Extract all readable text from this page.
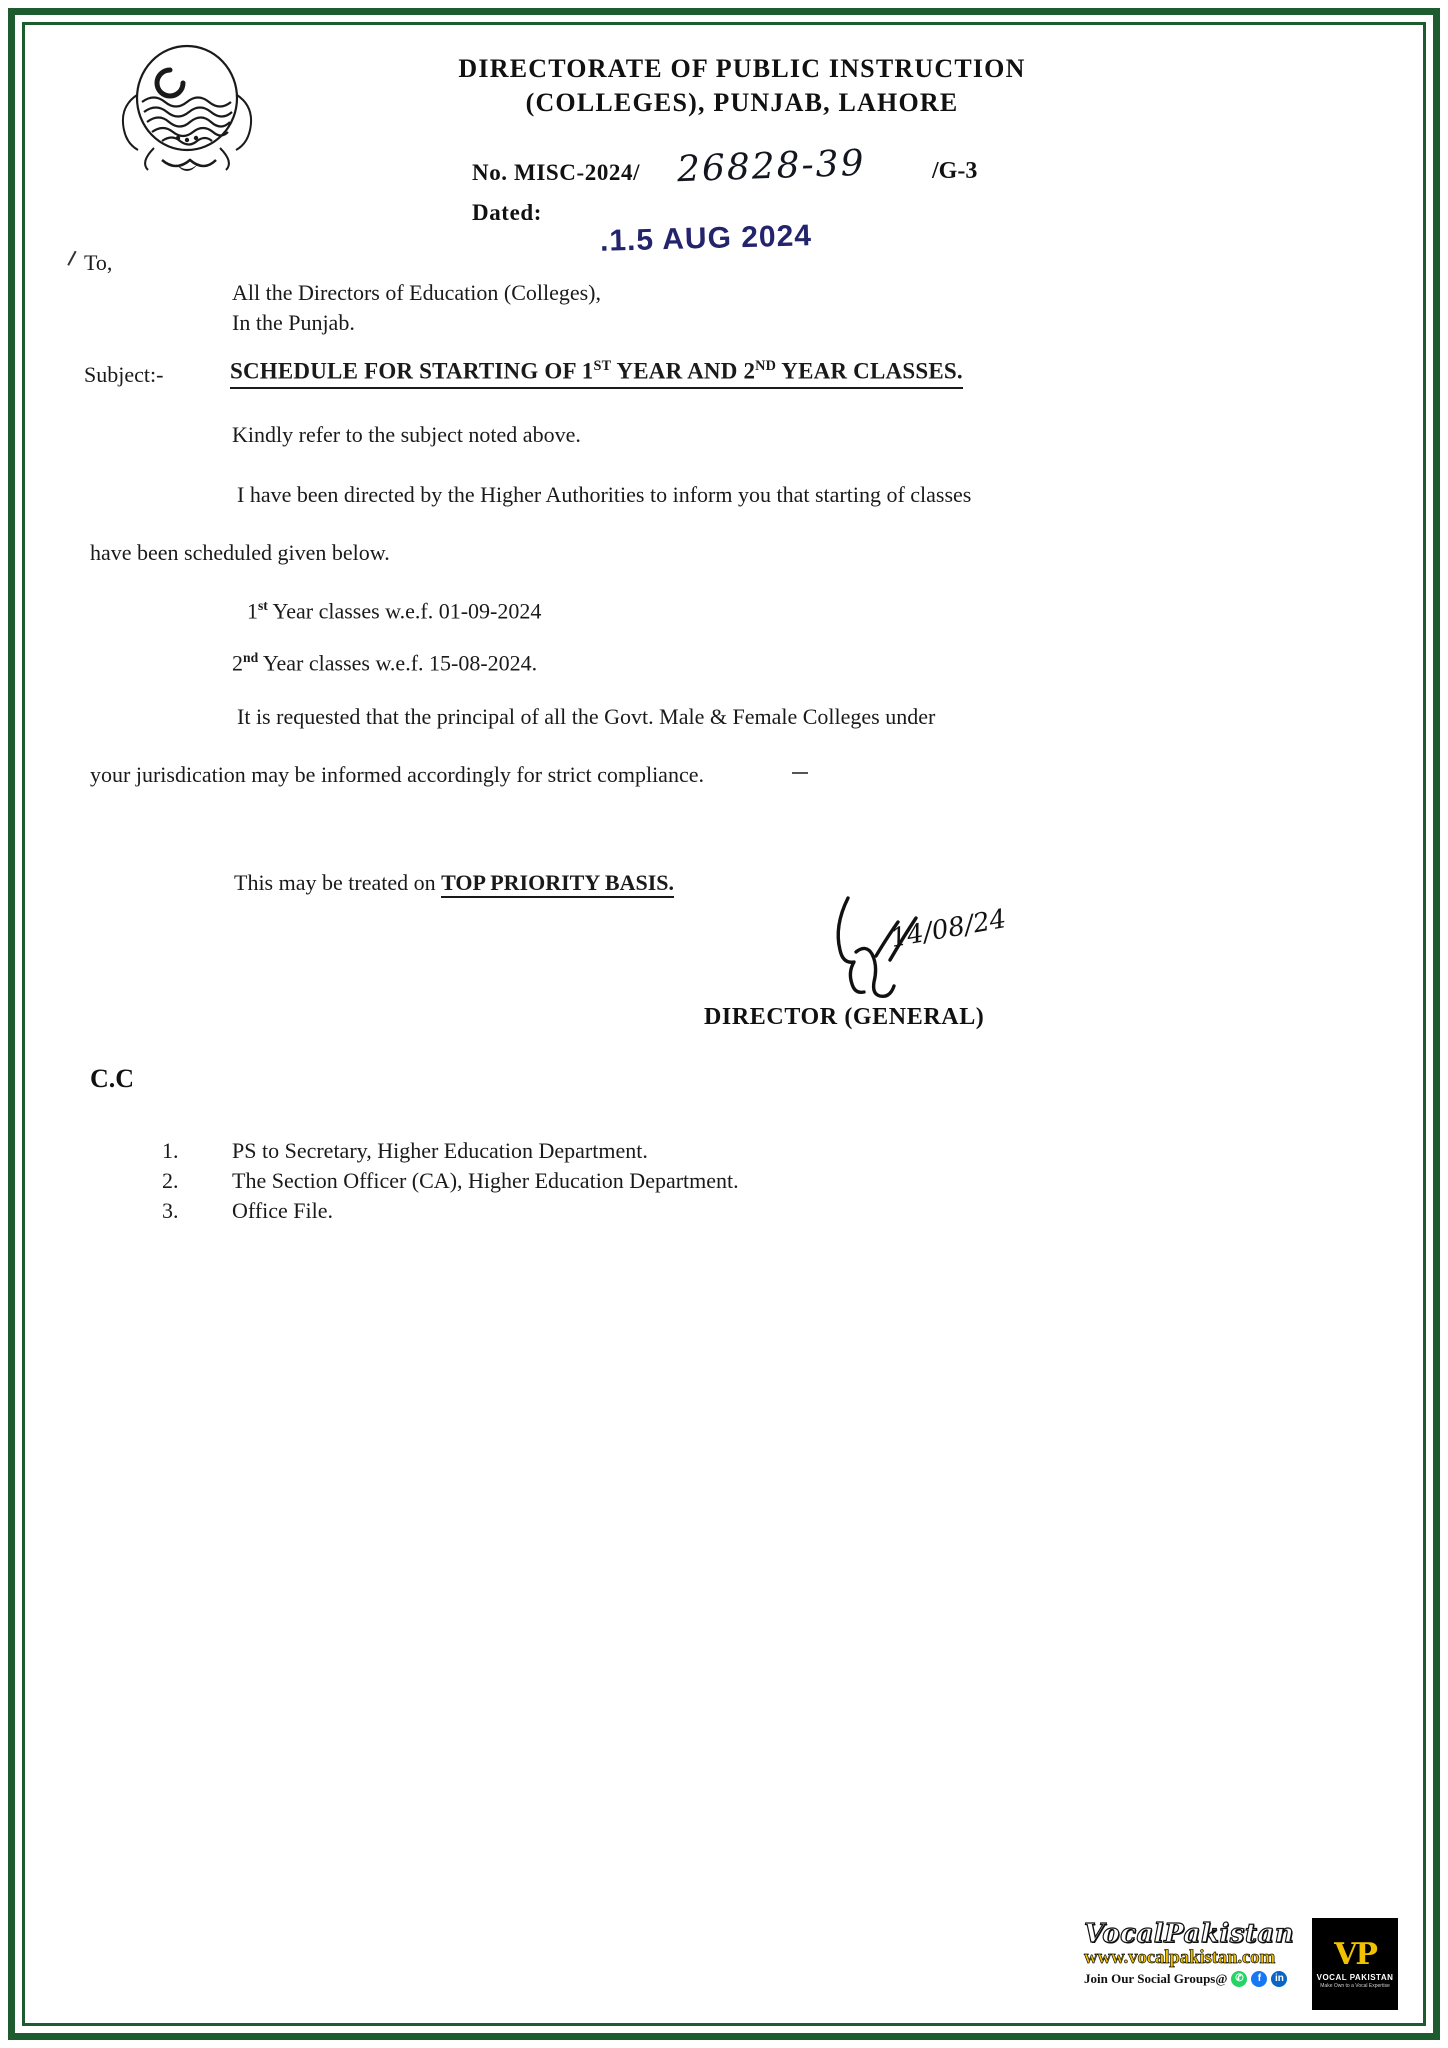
DIRECTORATE OF PUBLIC INSTRUCTION
(COLLEGES), PUNJAB, LAHORE
No. MISC-2024/ 26828-39	/G-3
Dated:
.1.5 AUG 2024
To,
All the Directors of Education (Colleges),
In the Punjab.
Subject:-	SCHEDULE FOR STARTING OF 1ST YEAR AND 2ND YEAR CLASSES.
Kindly refer to the subject noted above.
I have been directed by the Higher Authorities to inform you that starting of classes
have been scheduled given below.
1st Year classes w.e.f. 01-09-2024
2nd Year classes w.e.f. 15-08-2024.
It is requested that the principal of all the Govt. Male & Female Colleges under
your jurisdication may be informed accordingly for strict compliance.
This may be treated on TOP PRIORITY BASIS.
14/08/24
DIRECTOR (GENERAL)
C.C
1.	PS to Secretary, Higher Education Department.
2.	The Section Officer (CA), Higher Education Department.
3.	Office File.
VocalPakistan
www.vocalpakistan.com
Join Our Social Groups@ ✆	f	in
VP
VOCAL PAKISTAN
Make Own to a Vocal Expertise
